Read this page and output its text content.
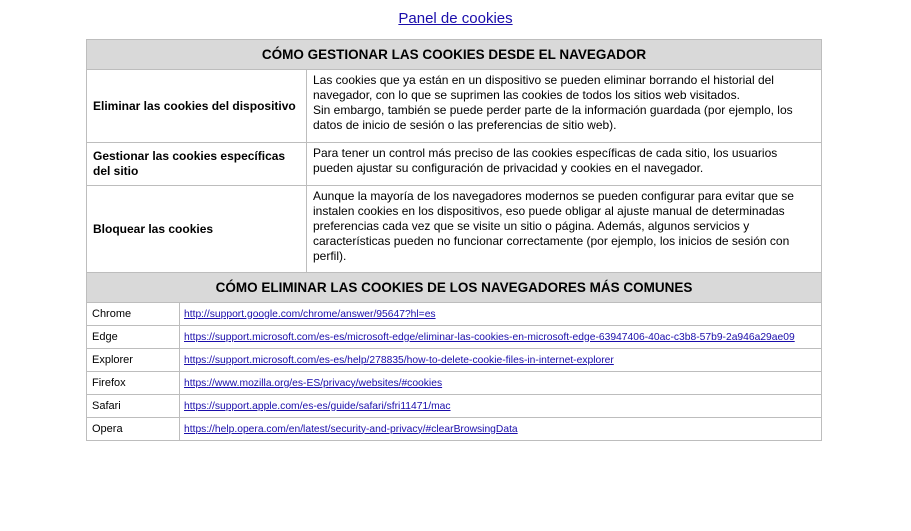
Panel de cookies
CÓMO GESTIONAR LAS COOKIES DESDE EL NAVEGADOR	
Eliminar las cookies del dispositivo	Las cookies que ya están en un dispositivo se pueden eliminar borrando el historial del navegador, con lo que se suprimen las cookies de todos los sitios web visitados.
Sin embargo, también se puede perder parte de la información guardada (por ejemplo, los datos de inicio de sesión o las preferencias de sitio web).

Gestionar las cookies específicas del sitio	Para tener un control más preciso de las cookies específicas de cada sitio, los usuarios pueden ajustar su configuración de privacidad y cookies en el navegador.
Bloquear las cookies	Aunque la mayoría de los navegadores modernos se pueden configurar para evitar que se instalen cookies en los dispositivos, eso puede obligar al ajuste manual de determinadas preferencias cada vez que se visite un sitio o página. Además, algunos servicios y características pueden no funcionar correctamente (por ejemplo, los inicios de sesión con perfil).
CÓMO ELIMINAR LAS COOKIES DE LOS NAVEGADORES MÁS COMUNES	
Chrome	http://support.google.com/chrome/answer/95647?hl=es
Edge	https://support.microsoft.com/es-es/microsoft-edge/eliminar-las-cookies-en-microsoft-edge-63947406-40ac-c3b8-57b9-2a946a29ae09
Explorer	https://support.microsoft.com/es-es/help/278835/how-to-delete-cookie-files-in-internet-explorer
Firefox	https://www.mozilla.org/es-ES/privacy/websites/#cookies
Safari	https://support.apple.com/es-es/guide/safari/sfri11471/mac
Opera	https://help.opera.com/en/latest/security-and-privacy/#clearBrowsingData
